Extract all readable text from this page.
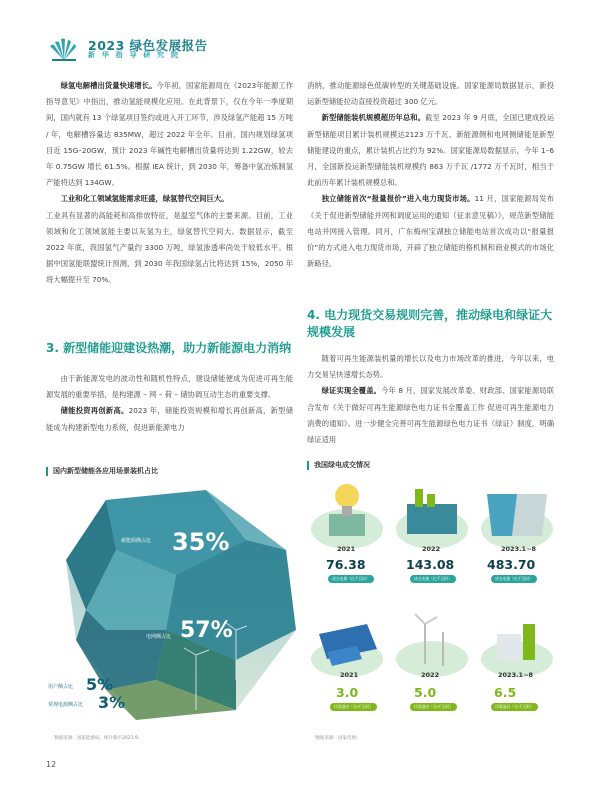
2023 绿色发展报告
新 华 指 导 研 究 院

绿氢电解槽出货量快速增长。今年初，国家能源局在《2023年能源工作指导意见》中指出，推动氢能规模化应用。在此背景下，仅在今年一季度期间，国内就有 13 个绿氢项目签约或进入开工环节，涉及绿氢产能超 15 万吨 / 年，电解槽容量达 835MW，超过 2022 年全年。目前，国内规划绿氢项目近 15G–20GW，预计 2023 年碱性电解槽出货量将达到 1.22GW，较去年 0.75GW 增长 61.5%。根据 IEA 统计，到 2030 年，筹备中氢冶炼制氢产能将达到 134GW。

工业和化工领域氢能需求旺盛，绿氢替代空间巨大。

工业具有显著的高能耗和高排放特征，是温室气体的主要来源。目前，工业领域和化工领域氢能主要以灰氢为主，绿氢替代空间大。数据显示，截至 2022 年底，我国氢气产量约 3300 万吨，绿氢渗透率尚处于较低水平。根据中国氢能联盟统计预测，到 2030 年我国绿氢占比将达到 15%，2050 年将大幅提升至 70%。

3. 新型储能迎建设热潮，助力新能源电力消纳

由于新能源发电的波动性和随机性特点，建设储能便成为促进可再生能源发展的重要举措，是构建源 – 网 – 荷 – 储协调互动生态的重要支撑。

储能投资再创新高。2023 年，储能投资规模和增长再创新高，新型储能成为构建新型电力系统，促进新能源电力

消纳，推动能源绿色低碳转型的关键基础设施。国家能源局数据显示，新投运新型储能拉动直接投资超过 300 亿元。

新型储能装机规模超历年总和。截至 2023 年 9 月底，全国已建成投运新型储能项目累计装机规模达2123 万千瓦。新能源侧和电网侧储能是新型储能建设的重点，累计装机占比约为 92%。国家能源局数据显示，今年 1–6 月，全国新投运新型储能装机规模约 863 万千瓦 /1772 万千瓦时，相当于此前历年累计装机规模总和。

独立储能首次“报量报价”进入电力现货市场。11 月，国家能源局发布《关于促进新型储能并网和调度运用的通知（征求意见稿）》，规范新型储能电站并网接入管理。同月，广东梅州宝湖独立储能电站首次成功以“报量报价”的方式进入电力现货市场，开辟了独立储能的格机制和商业模式的市场化新路径。

4. 电力现货交易规则完善，推动绿电和绿证大规模发展

随着可再生能源装机量的增长以及电力市场改革的推进，今年以来，电力交易呈快速增长态势。

绿证实现全覆盖。今年 8 月，国家发展改革委、财政部、国家能源局联合发布《关于做好可再生能源绿色电力证书全覆盖工作 促进可再生能源电力消费的通知》。进一步健全完善可再生能源绿色电力证书（绿证）制度，明确绿证适用

国内新型储能各应用场景装机占比
新能源侧占比 35%
电网侧占比 57%
用户侧占比 5%
常规电源侧占比 3%
「数据来源：国家能源局、统计截至2023.9」
我国绿电成交情况
2021	2022	2023.1~8
76.38	143.08	483.70
成交电量（亿千瓦时）	成交电量（亿千瓦时）	成交电量（亿千瓦时）
2021	2022	2023.1~8
3.0	5.0	6.5
环境溢价（分/千瓦时）	环境溢价（分/千瓦时）	环境溢价（分/千瓦时）
「数据来源：国家电网」
12
